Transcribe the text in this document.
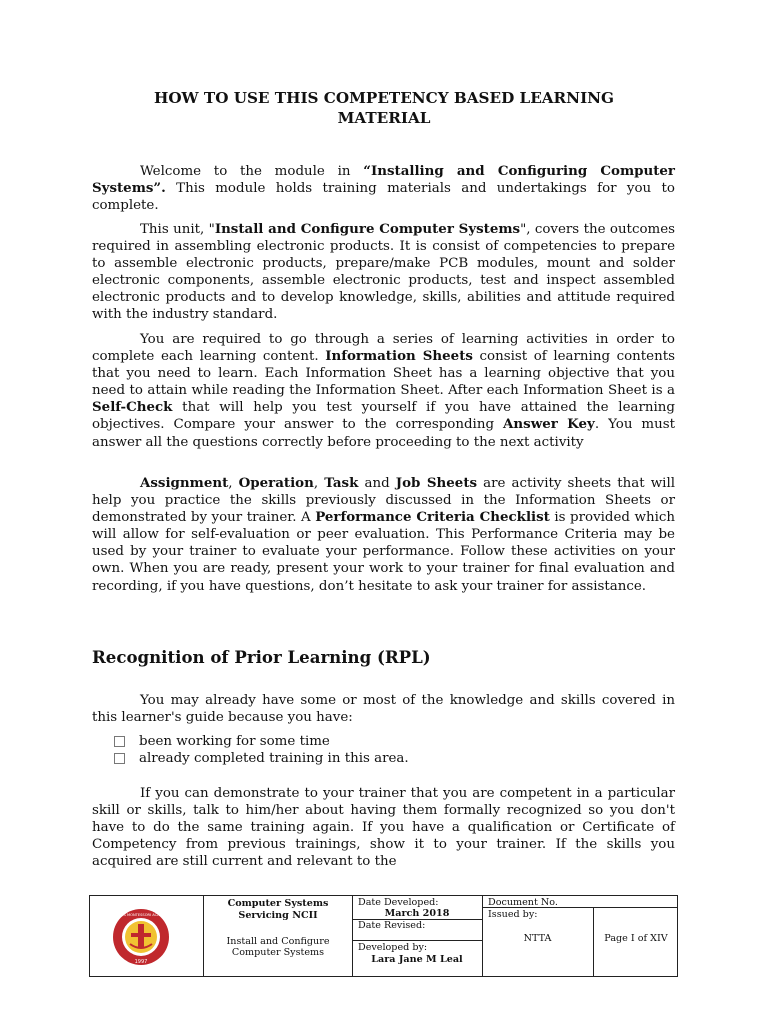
HOW TO USE THIS COMPETENCY BASED LEARNING
MATERIAL

Welcome to the module in “Installing and Configuring Computer Systems”. This module holds training materials and undertakings for you to complete.

This unit, "Install and Configure Computer Systems", covers the outcomes required in assembling electronic products. It is consist of competencies to prepare to assemble electronic products, prepare/make PCB modules, mount and solder electronic components, assemble electronic products, test and inspect assembled electronic products and to develop knowledge, skills, abilities and attitude required with the industry standard.

You are required to go through a series of learning activities in order to complete each learning content. Information Sheets consist of learning contents that you need to learn. Each Information Sheet has a learning objective that you need to attain while reading the Information Sheet. After each Information Sheet is a Self-Check that will help you test yourself if you have attained the learning objectives. Compare your answer to the corresponding Answer Key. You must answer all the questions correctly before proceeding to the next activity

Assignment, Operation, Task and Job Sheets are activity sheets that will help you practice the skills previously discussed in the Information Sheets or demonstrated by your trainer. A Performance Criteria Checklist is provided which will allow for self-evaluation or peer evaluation. This Performance Criteria may be used by your trainer to evaluate your performance. Follow these activities on your own. When you are ready, present your work to your trainer for final evaluation and recording, if you have questions, don’t hesitate to ask your trainer for assistance.

Recognition of Prior Learning (RPL)

You may already have some or most of the knowledge and skills covered in this learner's guide because you have:

been working for some time
already completed training in this area.

If you can demonstrate to your trainer that you are competent in a particular skill or skills, talk to him/her about having them formally recognized so you don't have to do the same training again. If you have a qualification or Certificate of Competency from previous trainings, show it to your trainer. If the skills you acquired are still current and relevant to the

1997
MOISES MONTESSORI ACADEMY

Computer Systems Servicing NCII

Install and Configure
Computer Systems

Date Developed:

March 2018

Date Revised:

Developed by:

Lara Jane M Leal

Document No.

Issued by:

NTTA	Page I of XIV
